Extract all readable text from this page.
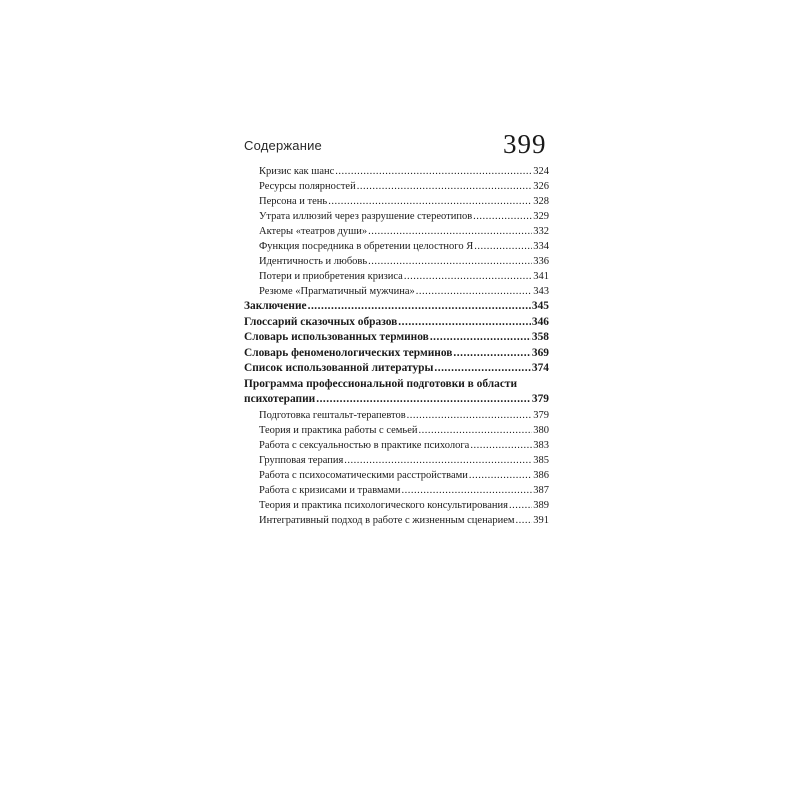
Содержание	399
Кризис как шанс .....	324
Ресурсы полярностей .....	326
Персона и тень .....	328
Утрата иллюзий через разрушение стереотипов .....	329
Актеры «театров души» .....	332
Функция посредника в обретении целостного Я .....	334
Идентичность и любовь .....	336
Потери и приобретения кризиса .....	341
Резюме «Прагматичный мужчина» .....	343
Заключение .....	345
Глоссарий сказочных образов .....	346
Словарь использованных терминов .....	358
Словарь феноменологических терминов .....	369
Список использованной литературы .....	374
Программа профессиональной подготовки в области
психотерапии .....	379
Подготовка гештальт-терапевтов .....	379
Теория и практика работы с семьей .....	380
Работа с сексуальностью в практике психолога .....	383
Групповая терапия .....	385
Работа с психосоматическими расстройствами .....	386
Работа с кризисами и травмами .....	387
Теория и практика психологического консультирования ..... 389
Интегративный подход в работе с жизненным сценарием ..... 391
